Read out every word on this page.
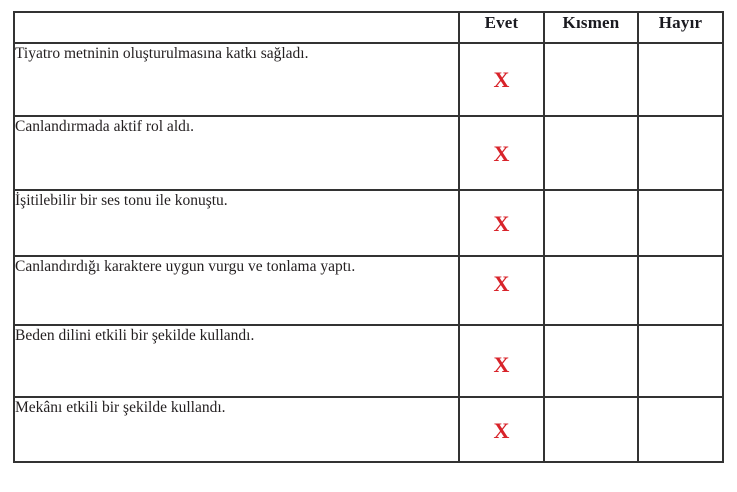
	Evet	Kısmen	Hayır
Tiyatro metninin oluşturulmasına katkı sağladı.	X		

Canlandırmada aktif rol aldı.	X		

İşitilebilir bir ses tonu ile konuştu.	X		

Canlandırdığı karaktere uygun vurgu ve tonlama yaptı.	X		

Beden dilini etkili bir şekilde kullandı.	X		

Mekânı etkili bir şekilde kullandı.	X		
